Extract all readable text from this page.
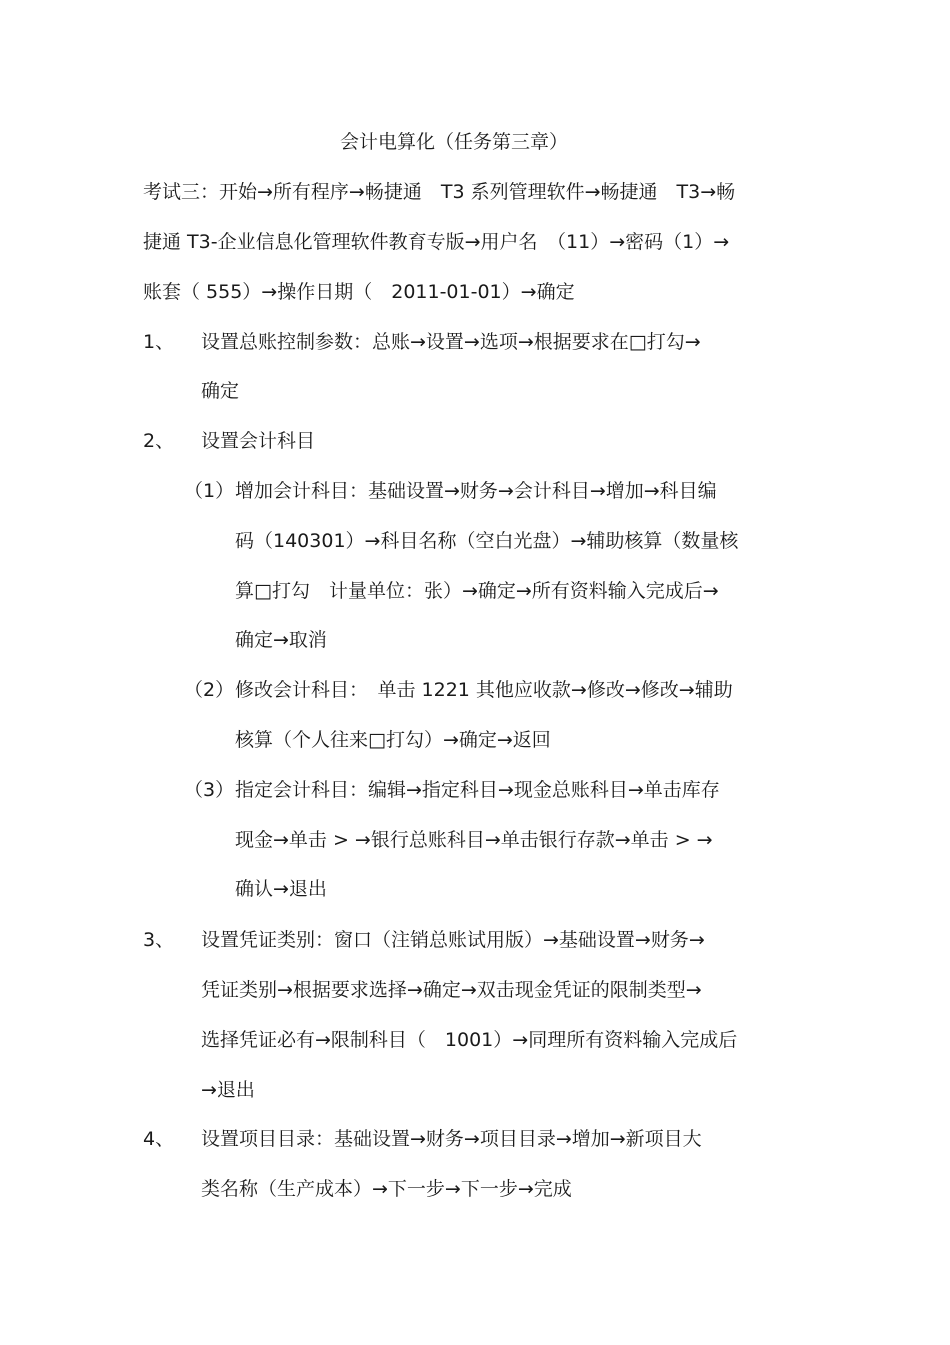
会计电算化（任务第三章）
考试三：开始→所有程序→畅捷通　T3 系列管理软件→畅捷通　T3→畅
捷通 T3-企业信息化管理软件教育专版→用户名　（11）→密码（1）→
账套（ 555）→操作日期（　2011-01-01）→确定
1、 设置总账控制参数：总账→设置→选项→根据要求在□打勾→
确定
2、 设置会计科目
（1） 增加会计科目：基础设置→财务→会计科目→增加→科目编
码（140301）→科目名称（空白光盘）→辅助核算（数量核
算□打勾　计量单位：张）→确定→所有资料输入完成后→
确定→取消
（2） 修改会计科目：　单击 1221 其他应收款→修改→修改→辅助
核算（个人往来□打勾）→确定→返回
（3） 指定会计科目：编辑→指定科目→现金总账科目→单击库存
现金→单击 > →银行总账科目→单击银行存款→单击 > →
确认→退出
3、 设置凭证类别：窗口（注销总账试用版）→基础设置→财务→
凭证类别→根据要求选择→确定→双击现金凭证的限制类型→
选择凭证必有→限制科目（　1001）→同理所有资料输入完成后
→退出
4、 设置项目目录：基础设置→财务→项目目录→增加→新项目大
类名称（生产成本）→下一步→下一步→完成
